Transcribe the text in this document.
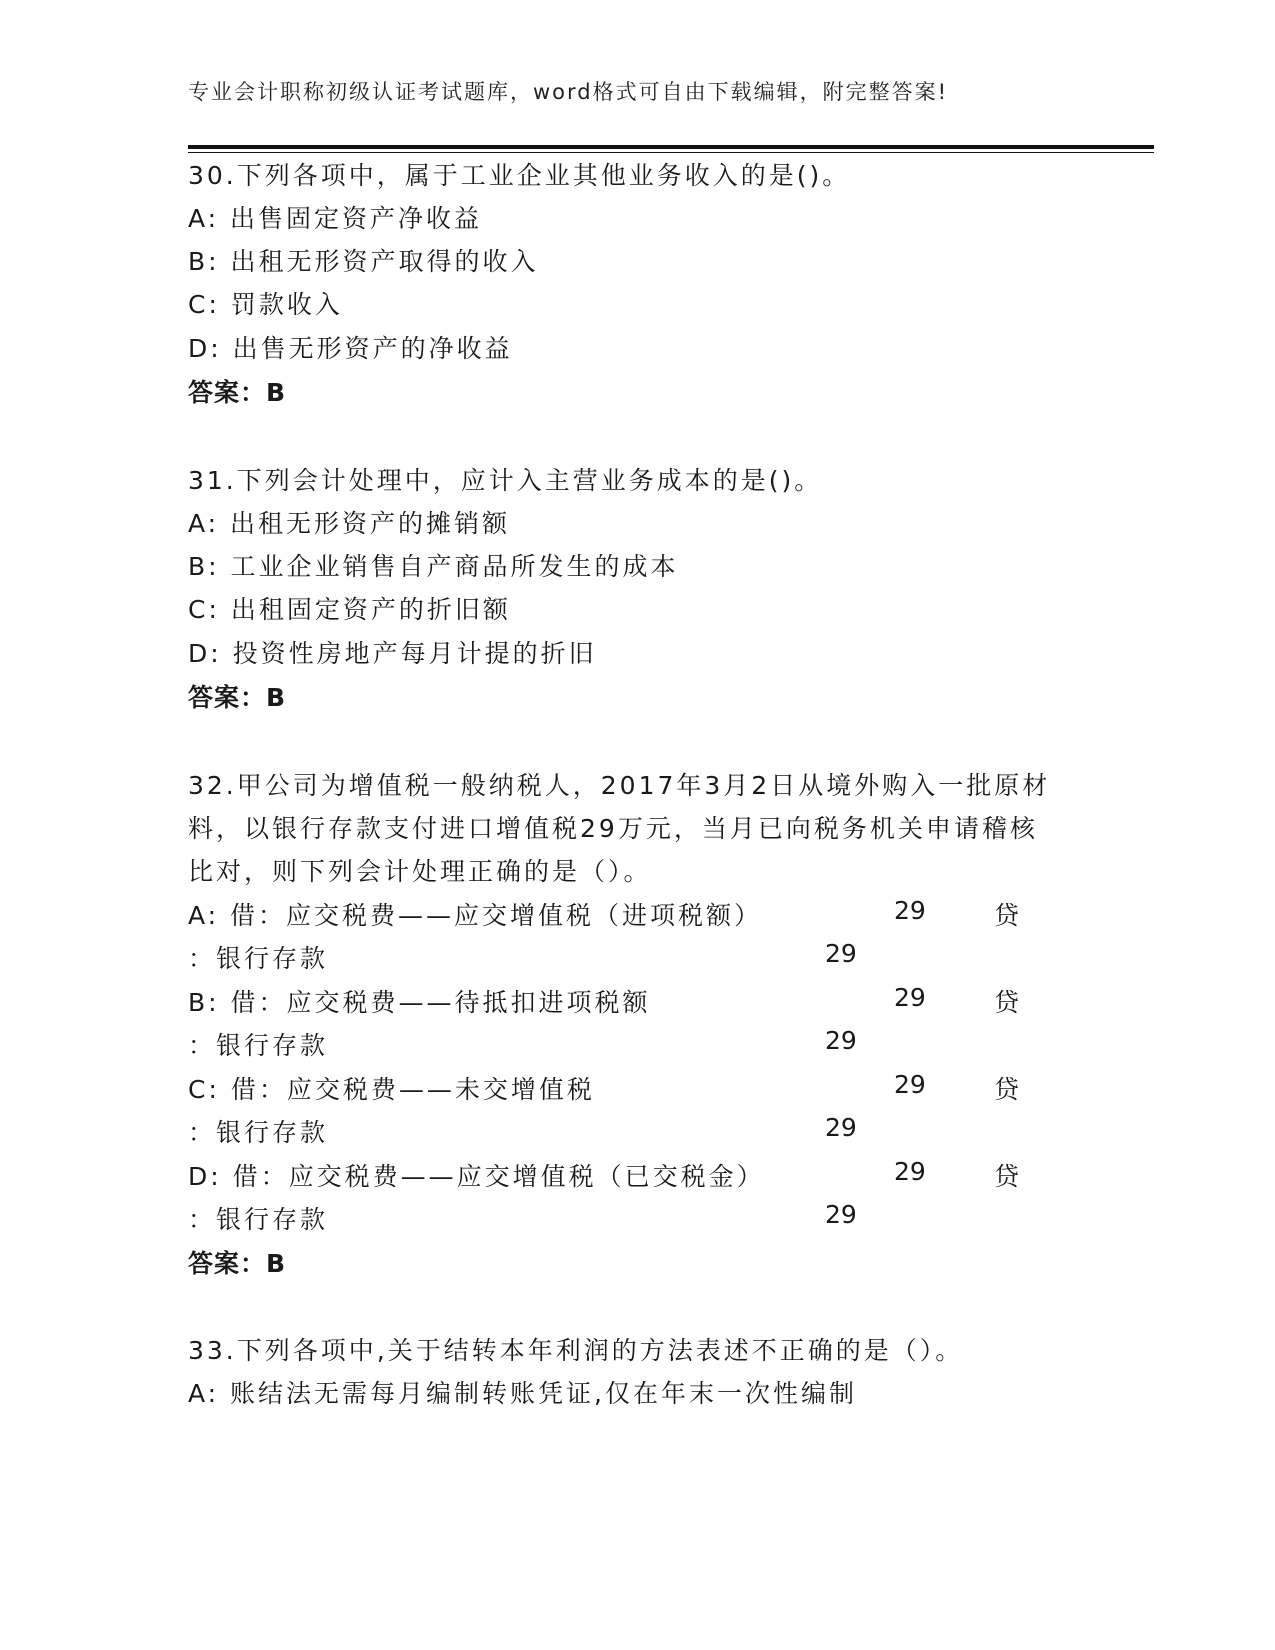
专业会计职称初级认证考试题库，word格式可自由下载编辑，附完整答案!
30.下列各项中，属于工业企业其他业务收入的是()。
A: 出售固定资产净收益
B: 出租无形资产取得的收入
C: 罚款收入
D: 出售无形资产的净收益
答案：B
31.下列会计处理中，应计入主营业务成本的是()。
A: 出租无形资产的摊销额
B: 工业企业销售自产商品所发生的成本
C: 出租固定资产的折旧额
D: 投资性房地产每月计提的折旧
答案：B
32.甲公司为增值税一般纳税人，2017年3月2日从境外购入一批原材
料，以银行存款支付进口增值税29万元，当月已向税务机关申请稽核
比对，则下列会计处理正确的是（）。
A: 借：应交税费——应交增值税（进项税额）	29	贷
：银行存款	29
B: 借：应交税费——待抵扣进项税额	29	贷
：银行存款	29
C: 借：应交税费——未交增值税	29	贷
：银行存款	29
D: 借：应交税费——应交增值税（已交税金）	29	贷
：银行存款	29
答案：B
33.下列各项中,关于结转本年利润的方法表述不正确的是（）。
A: 账结法无需每月编制转账凭证,仅在年末一次性编制
